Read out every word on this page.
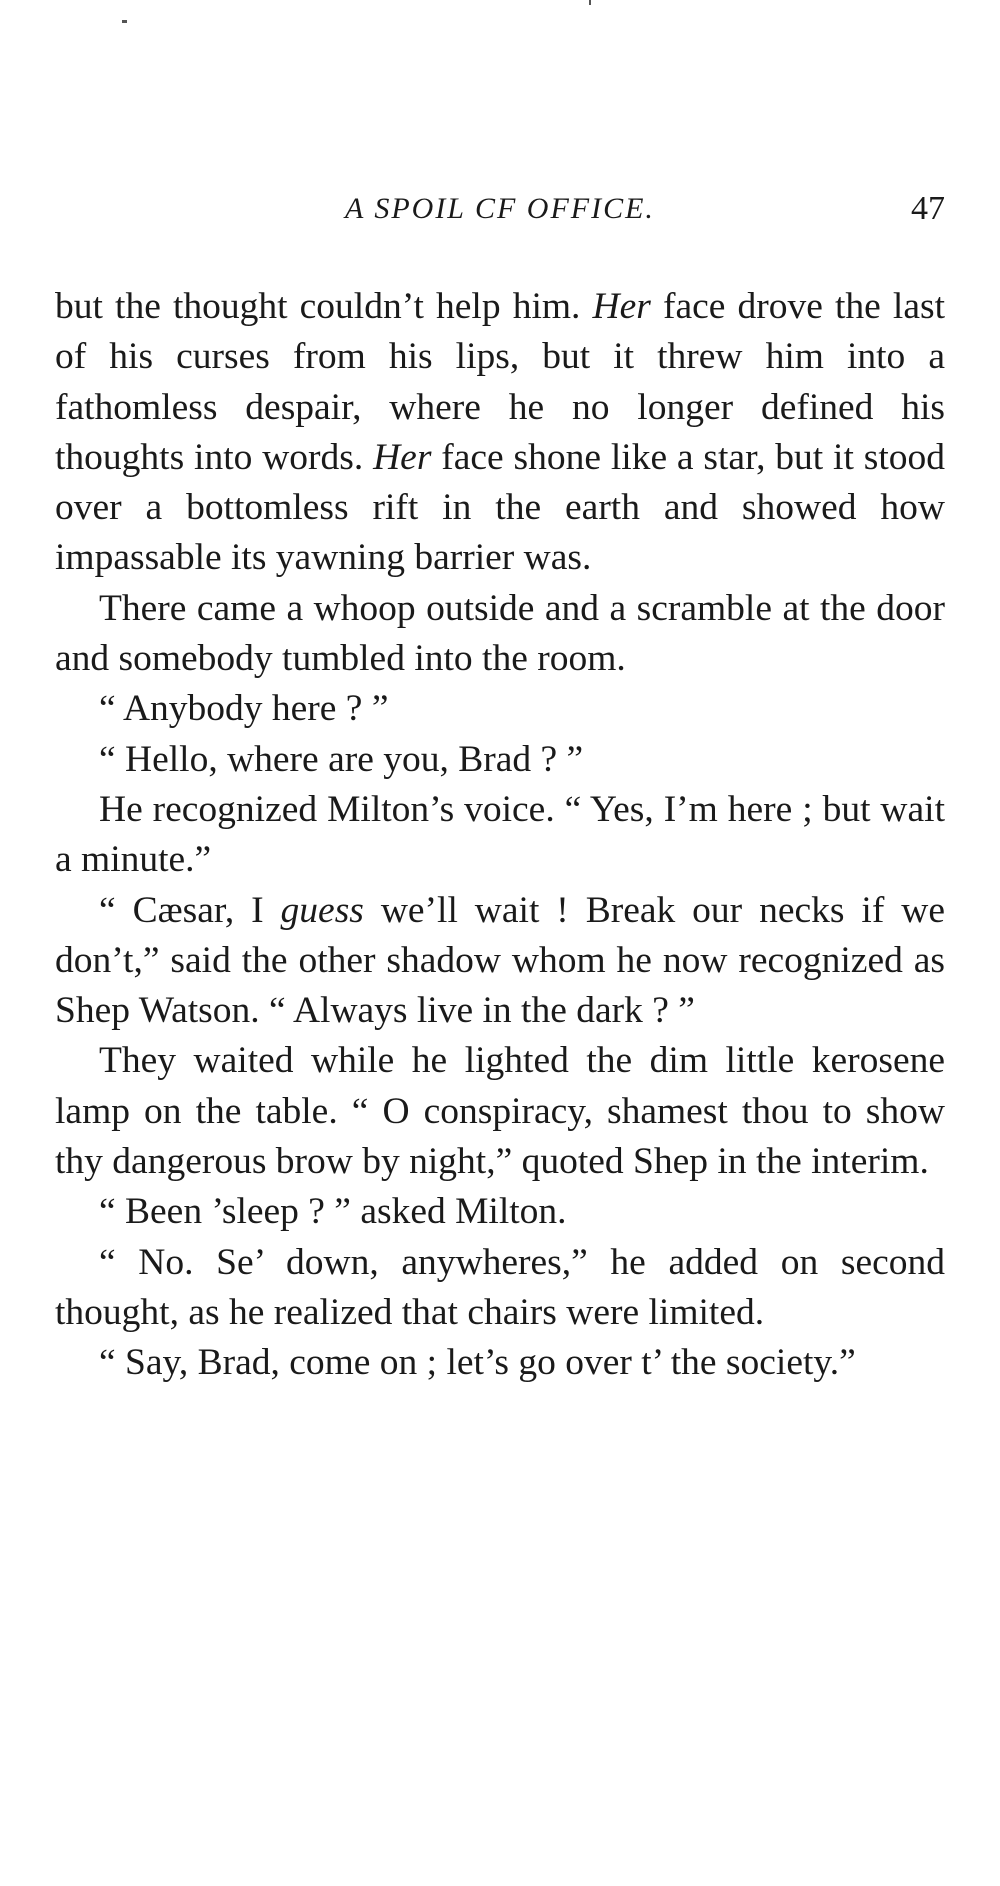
A SPOIL CF OFFICE.	47

but the thought couldn’t help him. Her face drove the last of his curses from his lips, but it threw him into a fathomless despair, where he no longer defined his thoughts into words. Her face shone like a star, but it stood over a bottomless rift in the earth and showed how impassable its yawning barrier was.

There came a whoop outside and a scramble at the door and somebody tumbled into the room.

“ Anybody here ? ”

“ Hello, where are you, Brad ? ”

He recognized Milton’s voice. “ Yes, I’m here ; but wait a minute.”

“ Cæsar, I guess we’ll wait ! Break our necks if we don’t,” said the other shadow whom he now recognized as Shep Watson. “ Always live in the dark ? ”

They waited while he lighted the dim little kerosene lamp on the table. “ O conspiracy, shamest thou to show thy dangerous brow by night,” quoted Shep in the interim.

“ Been ’sleep ? ” asked Milton.

“ No. Se’ down, anywheres,” he added on second thought, as he realized that chairs were limited.

“ Say, Brad, come on ; let’s go over t’ the society.”
